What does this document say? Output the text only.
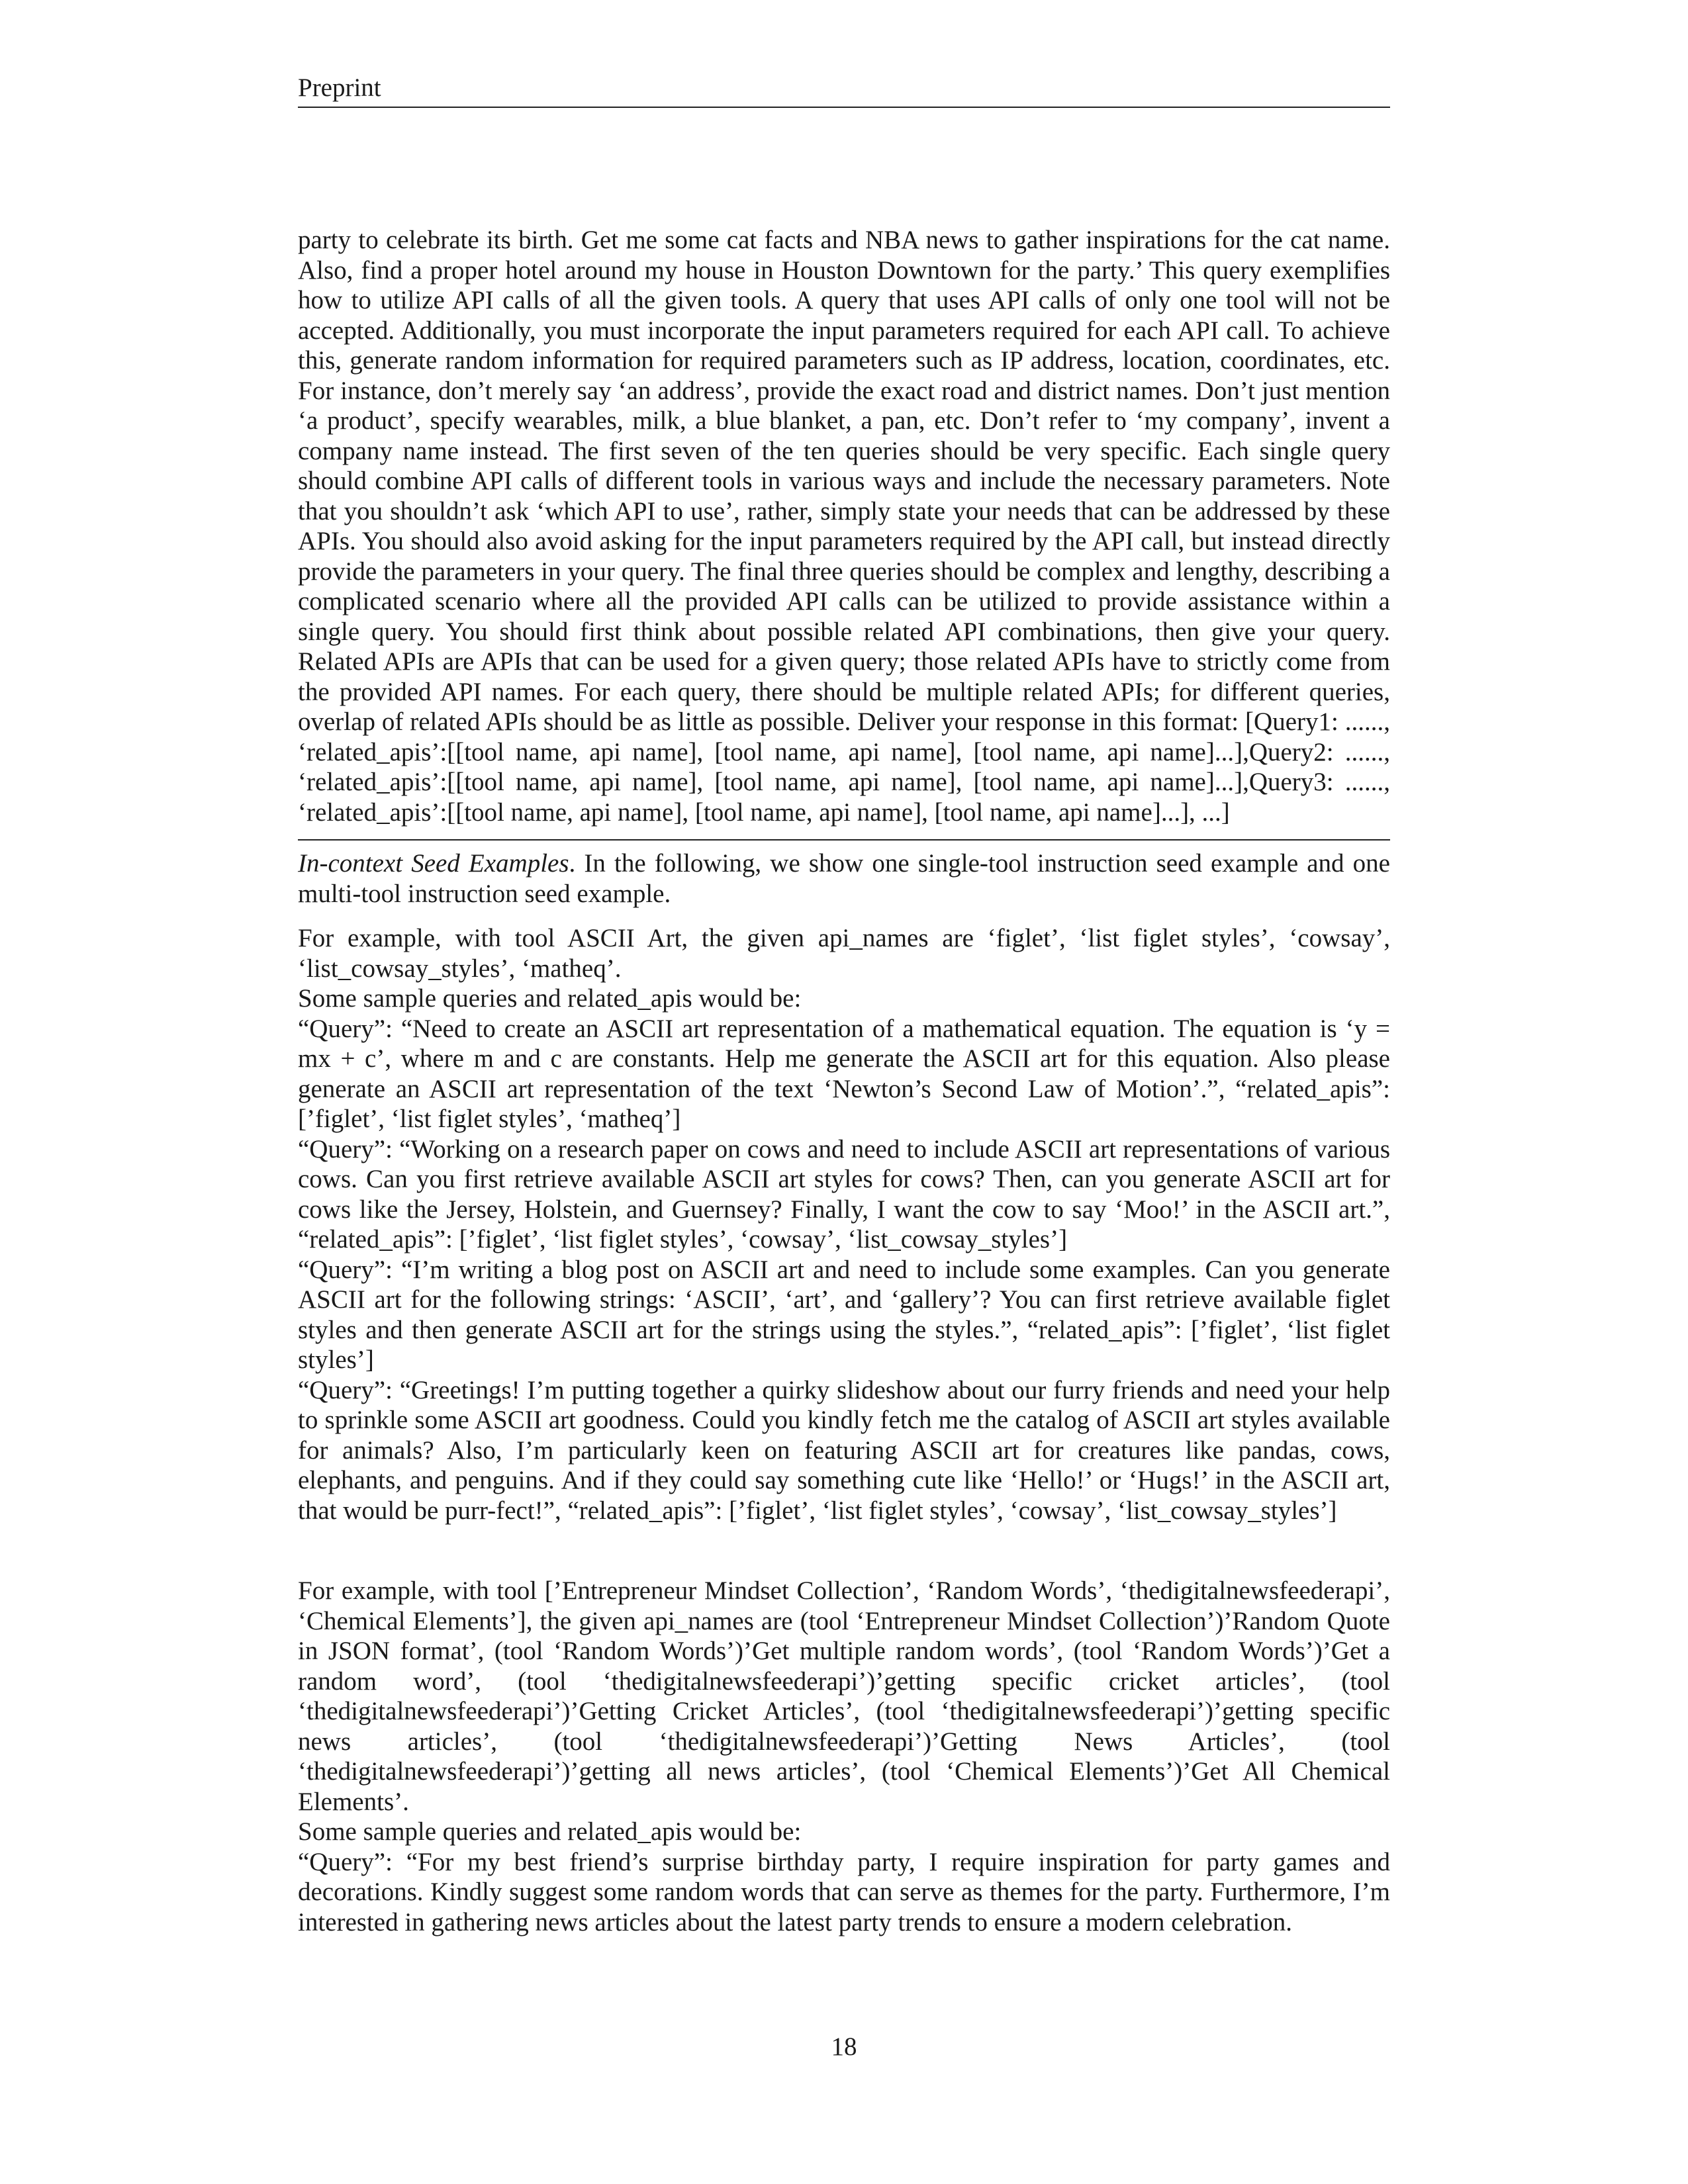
Preprint

party to celebrate its birth. Get me some cat facts and NBA news to gather inspirations for the cat name. Also, find a proper hotel around my house in Houston Downtown for the party.’ This query exemplifies how to utilize API calls of all the given tools. A query that uses API calls of only one tool will not be accepted. Additionally, you must incorporate the input parameters required for each API call. To achieve this, generate random information for required parameters such as IP address, location, coordinates, etc. For instance, don’t merely say ‘an address’, provide the exact road and district names. Don’t just mention ‘a product’, specify wearables, milk, a blue blanket, a pan, etc. Don’t refer to ‘my company’, invent a company name instead. The first seven of the ten queries should be very specific. Each single query should combine API calls of different tools in various ways and include the necessary parameters. Note that you shouldn’t ask ‘which API to use’, rather, simply state your needs that can be addressed by these APIs. You should also avoid asking for the input parameters required by the API call, but instead directly provide the parameters in your query. The final three queries should be complex and lengthy, describing a complicated scenario where all the provided API calls can be utilized to provide assistance within a single query. You should first think about possible related API combinations, then give your query. Related APIs are APIs that can be used for a given query; those related APIs have to strictly come from the provided API names. For each query, there should be multiple related APIs; for different queries, overlap of related APIs should be as little as possible. Deliver your response in this format: [Query1: ......, ‘related_apis’:[[tool name, api name], [tool name, api name], [tool name, api name]...],Query2: ......, ‘related_apis’:[[tool name, api name], [tool name, api name], [tool name, api name]...],Query3: ......, ‘related_apis’:[[tool name, api name], [tool name, api name], [tool name, api name]...], ...]

In-context Seed Examples. In the following, we show one single-tool instruction seed example and one multi-tool instruction seed example.

For example, with tool ASCII Art, the given api_names are ‘figlet’, ‘list figlet styles’, ‘cowsay’, ‘list_cowsay_styles’, ‘matheq’.

Some sample queries and related_apis would be:

“Query”: “Need to create an ASCII art representation of a mathematical equation. The equation is ‘y = mx + c’, where m and c are constants. Help me generate the ASCII art for this equation. Also please generate an ASCII art representation of the text ‘Newton’s Second Law of Motion’.”, “related_apis”: [’figlet’, ‘list figlet styles’, ‘matheq’]

“Query”: “Working on a research paper on cows and need to include ASCII art representations of various cows. Can you first retrieve available ASCII art styles for cows? Then, can you generate ASCII art for cows like the Jersey, Holstein, and Guernsey? Finally, I want the cow to say ‘Moo!’ in the ASCII art.”, “related_apis”: [’figlet’, ‘list figlet styles’, ‘cowsay’, ‘list_cowsay_styles’]

“Query”: “I’m writing a blog post on ASCII art and need to include some examples. Can you generate ASCII art for the following strings: ‘ASCII’, ‘art’, and ‘gallery’? You can first retrieve available figlet styles and then generate ASCII art for the strings using the styles.”, “related_apis”: [’figlet’, ‘list figlet styles’]

“Query”: “Greetings! I’m putting together a quirky slideshow about our furry friends and need your help to sprinkle some ASCII art goodness. Could you kindly fetch me the catalog of ASCII art styles available for animals? Also, I’m particularly keen on featuring ASCII art for creatures like pandas, cows, elephants, and penguins. And if they could say something cute like ‘Hello!’ or ‘Hugs!’ in the ASCII art, that would be purr-fect!”, “related_apis”: [’figlet’, ‘list figlet styles’, ‘cowsay’, ‘list_cowsay_styles’]

For example, with tool [’Entrepreneur Mindset Collection’, ‘Random Words’, ‘thedigitalnewsfeederapi’, ‘Chemical Elements’], the given api_names are (tool ‘Entrepreneur Mindset Collection’)’Random Quote in JSON format’, (tool ‘Random Words’)’Get multiple random words’, (tool ‘Random Words’)’Get a random word’, (tool ‘thedigitalnewsfeederapi’)’getting specific cricket articles’, (tool ‘thedigitalnewsfeederapi’)’Getting Cricket Articles’, (tool ‘thedigitalnewsfeederapi’)’getting specific news articles’, (tool ‘thedigitalnewsfeederapi’)’Getting News Articles’, (tool ‘thedigitalnewsfeederapi’)’getting all news articles’, (tool ‘Chemical Elements’)’Get All Chemical Elements’.

Some sample queries and related_apis would be:

“Query”: “For my best friend’s surprise birthday party, I require inspiration for party games and decorations. Kindly suggest some random words that can serve as themes for the party. Furthermore, I’m interested in gathering news articles about the latest party trends to ensure a modern celebration.

18
